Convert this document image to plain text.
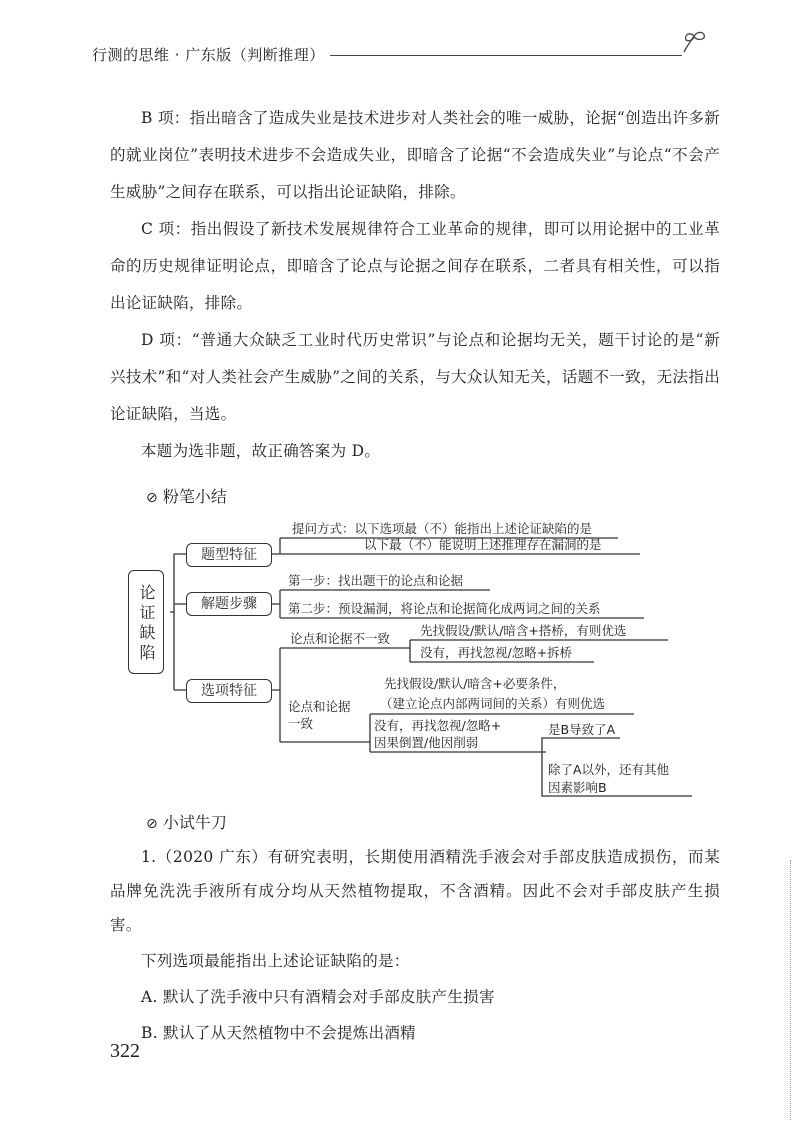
行测的思维 · 广东版（判断推理）

B 项：指出暗含了造成失业是技术进步对人类社会的唯一威胁，论据“创造出许多新的就业岗位”表明技术进步不会造成失业，即暗含了论据“不会造成失业”与论点“不会产生威胁”之间存在联系，可以指出论证缺陷，排除。

C 项：指出假设了新技术发展规律符合工业革命的规律，即可以用论据中的工业革命的历史规律证明论点，即暗含了论点与论据之间存在联系，二者具有相关性，可以指出论证缺陷，排除。

D 项：“普通大众缺乏工业时代历史常识”与论点和论据均无关，题干讨论的是“新兴技术”和“对人类社会产生威胁”之间的关系，与大众认知无关，话题不一致，无法指出论证缺陷，当选。

本题为选非题，故正确答案为 D。

⊘ 粉笔小结
论证缺陷
题型特征
解题步骤
选项特征
提问方式：以下选项最（不）能指出上述论证缺陷的是
以下最（不）能说明上述推理存在漏洞的是
第一步：找出题干的论点和论据
第二步：预设漏洞，将论点和论据简化成两词之间的关系
论点和论据不一致
先找假设/默认/暗含+搭桥，有则优选
没有，再找忽视/忽略+拆桥
论点和论据
一致
先找假设/默认/暗含+必要条件，
（建立论点内部两词间的关系）有则优选
没有，再找忽视/忽略+
因果倒置/他因削弱
是B导致了A
除了A以外，还有其他
因素影响B
⊘ 小试牛刀

1.（2020 广东）有研究表明，长期使用酒精洗手液会对手部皮肤造成损伤，而某品牌免洗洗手液所有成分均从天然植物提取，不含酒精。因此不会对手部皮肤产生损害。

下列选项最能指出上述论证缺陷的是：

A. 默认了洗手液中只有酒精会对手部皮肤产生损害

B. 默认了从天然植物中不会提炼出酒精

322
